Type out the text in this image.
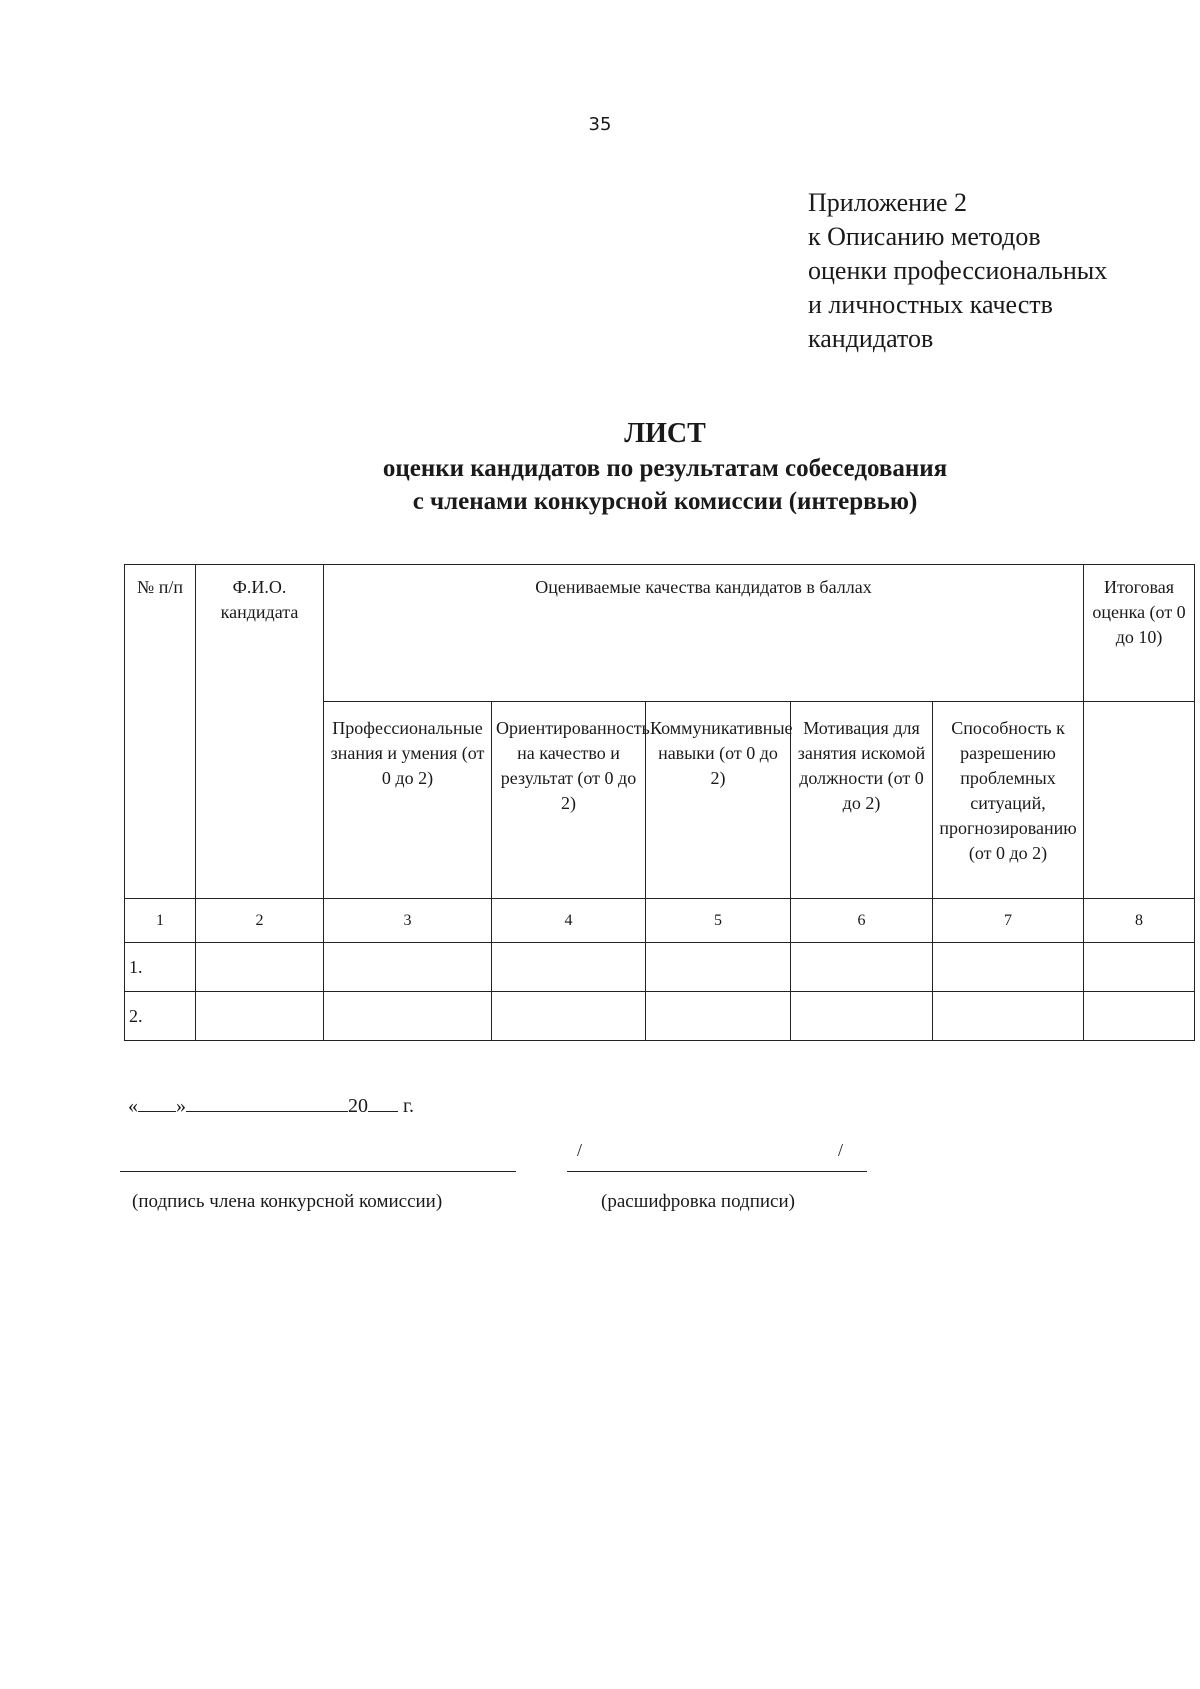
35
Приложение 2
к Описанию методов
оценки профессиональных
и личностных качеств
кандидатов
ЛИСТ
оценки кандидатов по результатам собеседования
с членами конкурсной комиссии (интервью)
№ п/п	Ф.И.О. кандидата	Оцениваемые качества кандидатов в баллах					Итоговая оценка (от 0 до 10)
		Профессиональные знания и умения (от 0 до 2)	Ориентированность на качество и результат (от 0 до 2)	Коммуникативные навыки (от 0 до 2)	Мотивация для занятия искомой должности (от 0 до 2)	Способность к разрешению проблемных ситуаций, прогнозированию (от 0 до 2)	
1	2	3	4	5	6	7	8
1.							
2.							
« »	20 г.
/	/
(подпись члена конкурсной комиссии)	(расшифровка подписи)
